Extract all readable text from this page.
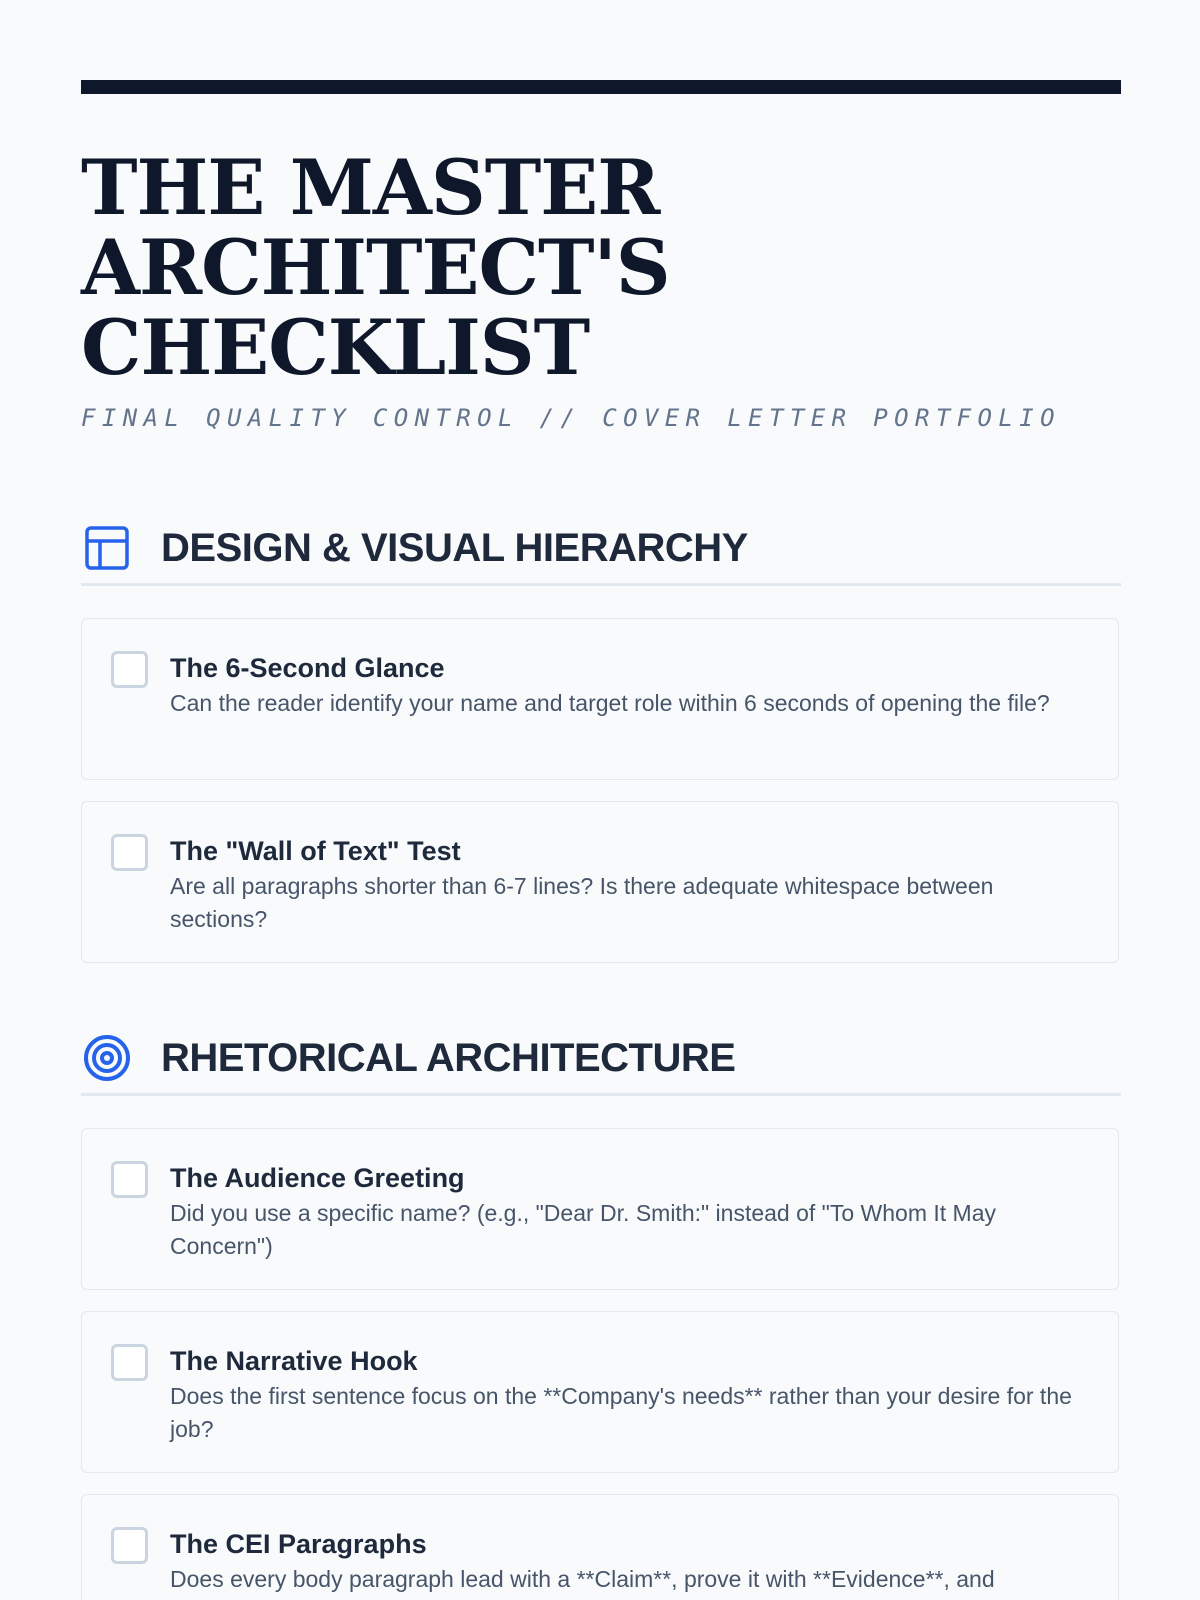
THE MASTER
ARCHITECT'S
CHECKLIST
FINAL QUALITY CONTROL // COVER LETTER PORTFOLIO
DESIGN & VISUAL HIERARCHY
The 6-Second Glance
Can the reader identify your name and target role within 6 seconds of opening the file?
The "Wall of Text" Test
Are all paragraphs shorter than 6-7 lines? Is there adequate whitespace between sections?
RHETORICAL ARCHITECTURE
The Audience Greeting
Did you use a specific name? (e.g., "Dear Dr. Smith:" instead of "To Whom It May Concern")
The Narrative Hook
Does the first sentence focus on the **Company's needs** rather than your desire for the job?
The CEI Paragraphs
Does every body paragraph lead with a **Claim**, prove it with **Evidence**, and
